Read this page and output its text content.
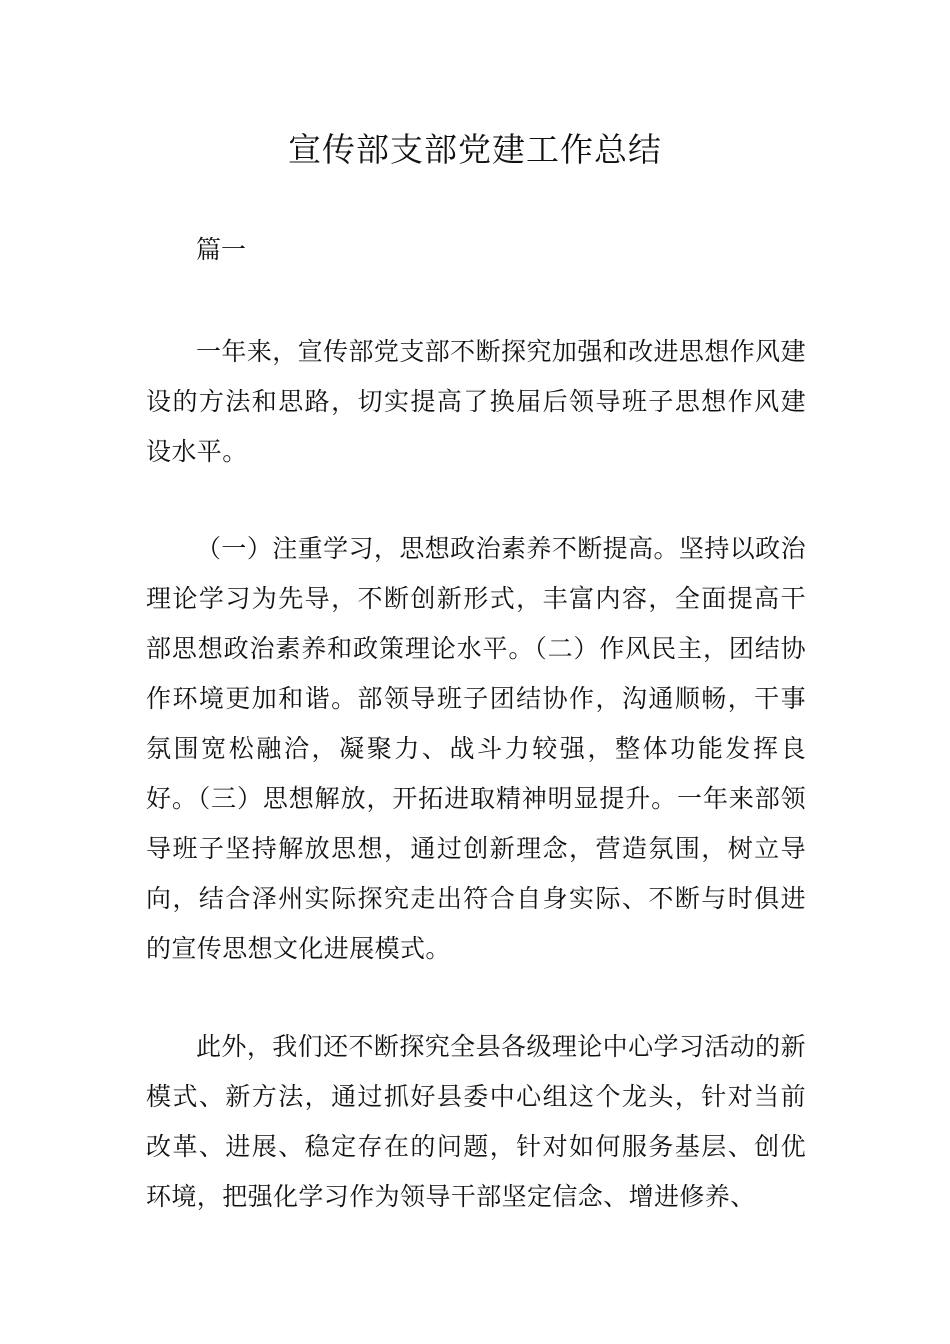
宣传部支部党建工作总结

篇一

一年来，宣传部党支部不断探究加强和改进思想作风建设的方法和思路，切实提高了换届后领导班子思想作风建设水平。

（一）注重学习，思想政治素养不断提高。坚持以政治理论学习为先导，不断创新形式，丰富内容，全面提高干部思想政治素养和政策理论水平。（二）作风民主，团结协作环境更加和谐。部领导班子团结协作，沟通顺畅，干事氛围宽松融洽，凝聚力、战斗力较强，整体功能发挥良好。（三）思想解放，开拓进取精神明显提升。一年来部领导班子坚持解放思想，通过创新理念，营造氛围，树立导向，结合泽州实际探究走出符合自身实际、不断与时俱进的宣传思想文化进展模式。

此外，我们还不断探究全县各级理论中心学习活动的新模式、新方法，通过抓好县委中心组这个龙头，针对当前改革、进展、稳定存在的问题，针对如何服务基层、创优环境，把强化学习作为领导干部坚定信念、增进修养、
